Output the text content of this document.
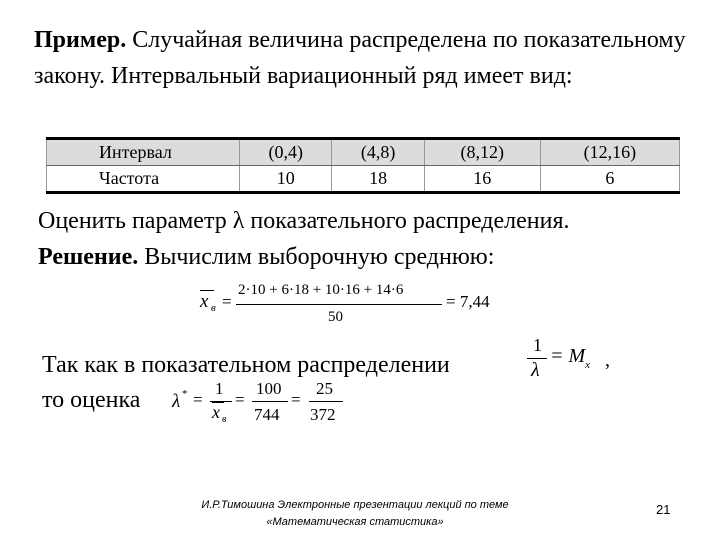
Пример. Случайная величина распределена по показательному закону. Интервальный вариационный ряд имеет вид:
Интервал	(0,4)	(4,8)	(8,12)	(12,16)
Частота	10	18	16	6
Оценить параметр λ показательного распределения.
Решение. Вычислим выборочную среднюю:
x в =
2·10 + 6·18 + 10·16 + 14·6
50
= 7,44
Так как в показательном распределении
1
λ
= $M_x$ ,
то оценка λ * =
1
x в
=
100
744
=
25
372
И.Р.Тимошина Электронные презентации лекций по теме
«Математическая статистика»
21
